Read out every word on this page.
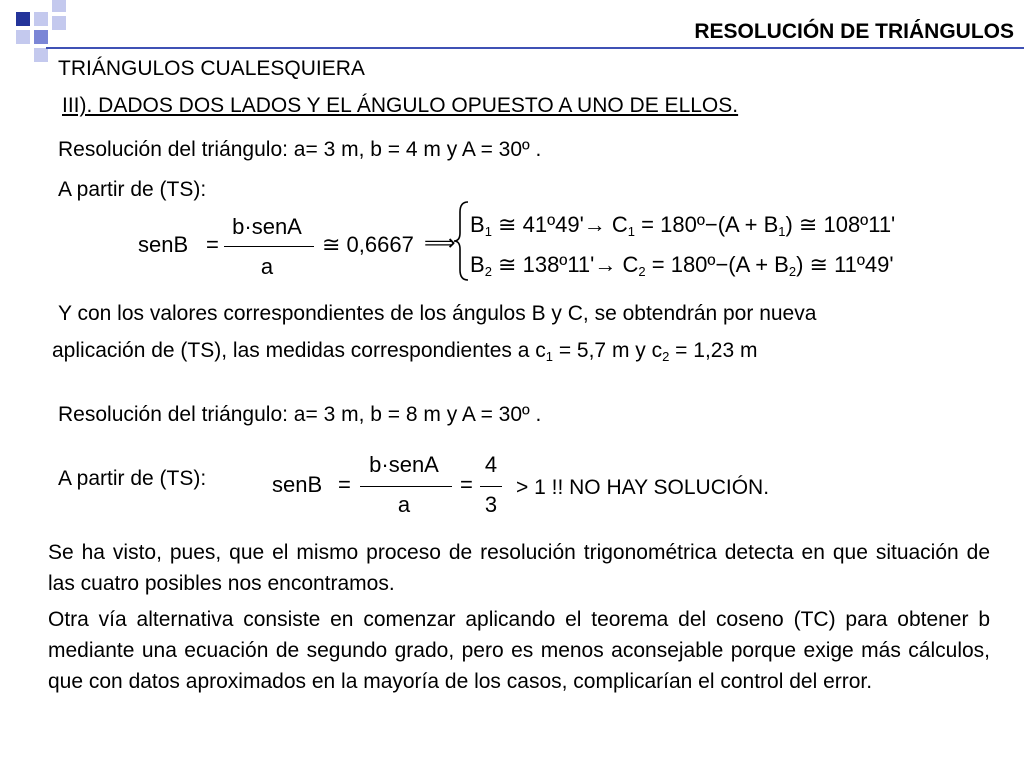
RESOLUCIÓN DE TRIÁNGULOS
TRIÁNGULOS CUALESQUIERA
III). DADOS DOS LADOS Y EL ÁNGULO OPUESTO A UNO DE ELLOS.
Resolución del triángulo: a= 3 m, b = 4 m y A = 30º .
A partir de (TS):
senB =
b·senA
a
≅ 0,6667 ⟹
$B_1$ ≅ 41º49'→ $C_1$ = 180º−(A + $B_1$) ≅ 108º11'
$B_2$ ≅ 138º11'→ $C_2$ = 180º−(A + $B_2$) ≅ 11º49'
Y con los valores correspondientes de los ángulos B y C, se obtendrán por nueva
aplicación de (TS), las medidas correspondientes a $c_1 = 5,7$ m y $c_2 = 1,23$ m
Resolución del triángulo: a= 3 m, b = 8 m y A = 30º .
A partir de (TS):	senB =
b·senA
a
=
4
3
> 1 !! NO HAY SOLUCIÓN.
Se ha visto, pues, que el mismo proceso de resolución trigonométrica detecta en que situación de las cuatro posibles nos encontramos.
Otra vía alternativa consiste en comenzar aplicando el teorema del coseno (TC) para obtener b mediante una ecuación de segundo grado, pero es menos aconsejable porque exige más cálculos, que con datos aproximados en la mayoría de los casos, complicarían el control del error.
